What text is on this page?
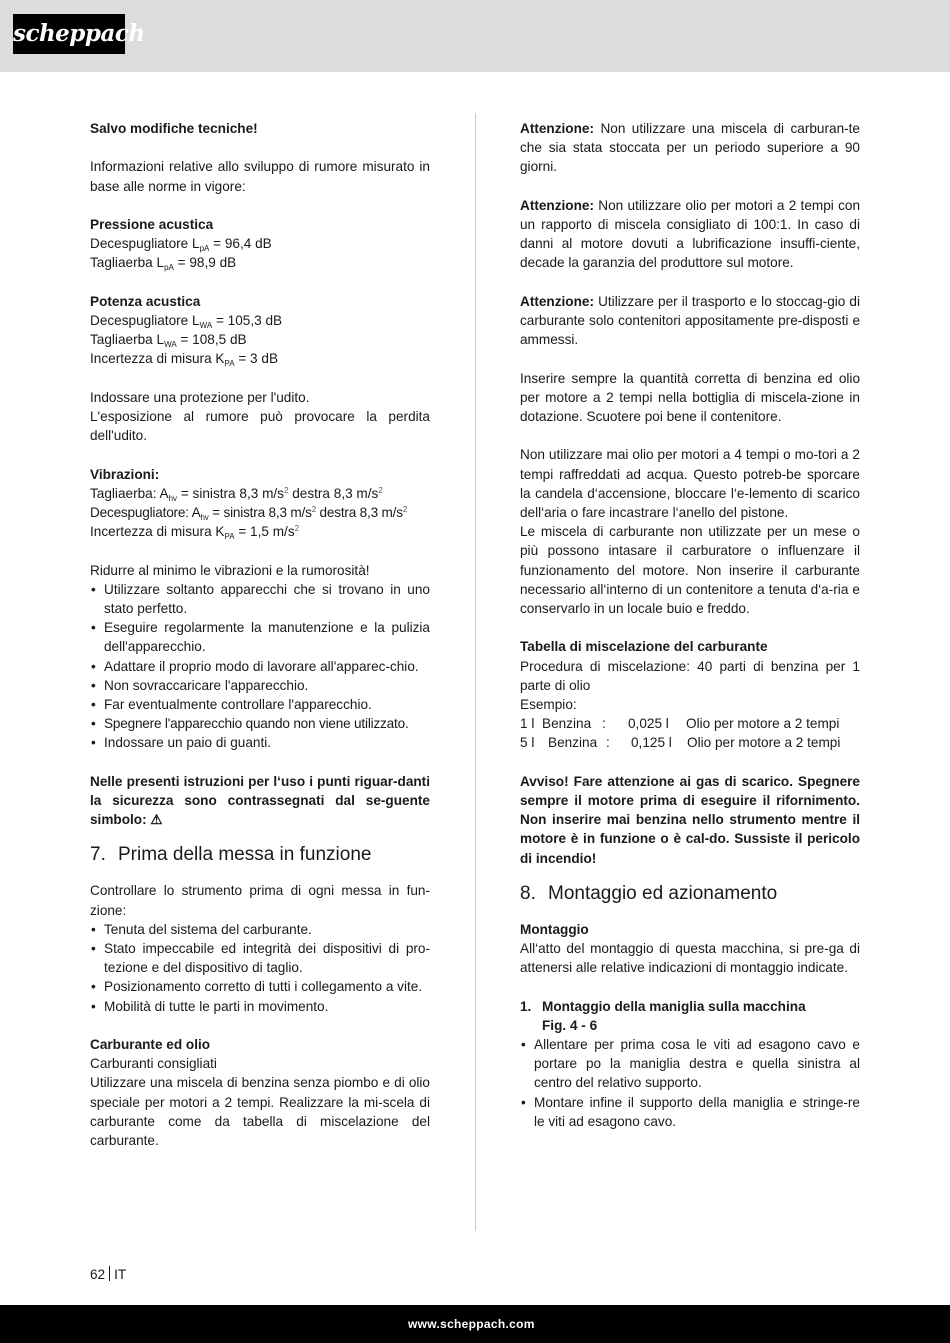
scheppach
Salvo modifiche tecniche!
Informazioni relative allo sviluppo di rumore misurato in base alle norme in vigore:
Pressione acustica
Decespugliatore $L_{pA} = 96,4$ dB
Tagliaerba $L_{pA} = 98,9$ dB
Potenza acustica
Decespugliatore $L_{WA} = 105,3$ dB
Tagliaerba $L_{WA} = 108,5$ dB
Incertezza di misura $K_{PA} = 3$ dB
Indossare una protezione per l'udito.
L'esposizione al rumore può provocare la perdita dell'udito.
Vibrazioni:
Tagliaerba: $A_{hv}$ = sinistra 8,3 $m/s^2$ destra 8,3 $m/s^2$
Decespugliatore: $A_{hv}$ = sinistra 8,3 $m/s^2$ destra 8,3 $m/s^2$
Incertezza di misura $K_{PA} = 1,5$ $m/s^2$
Ridurre al minimo le vibrazioni e la rumorosità!
• Utilizzare soltanto apparecchi che si trovano in uno stato perfetto.
• Eseguire regolarmente la manutenzione e la pulizia dell'apparecchio.
• Adattare il proprio modo di lavorare all'apparec-chio.
• Non sovraccaricare l'apparecchio.
• Far eventualmente controllare l'apparecchio.
• Spegnere l'apparecchio quando non viene utilizzato.
• Indossare un paio di guanti.
Nelle presenti istruzioni per l‘uso i punti riguar-danti la sicurezza sono contrassegnati dal se-guente simbolo: ⚠
7. Prima della messa in funzione
Controllare lo strumento prima di ogni messa in fun-zione:
• Tenuta del sistema del carburante.
• Stato impeccabile ed integrità dei dispositivi di pro-tezione e del dispositivo di taglio.
• Posizionamento corretto di tutti i collegamento a vite.
• Mobilità di tutte le parti in movimento.
Carburante ed olio
Carburanti consigliati
Utilizzare una miscela di benzina senza piombo e di olio speciale per motori a 2 tempi. Realizzare la mi-scela di carburante come da tabella di miscelazione del carburante.
Attenzione: Non utilizzare una miscela di carburan-te che sia stata stoccata per un periodo superiore a 90 giorni.
Attenzione: Non utilizzare olio per motori a 2 tempi con un rapporto di miscela consigliato di 100:1. In caso di danni al motore dovuti a lubrificazione insuffi-ciente, decade la garanzia del produttore sul motore.
Attenzione: Utilizzare per il trasporto e lo stoccag-gio di carburante solo contenitori appositamente pre-disposti e ammessi.
Inserire sempre la quantità corretta di benzina ed olio per motore a 2 tempi nella bottiglia di miscela-zione in dotazione. Scuotere poi bene il contenitore.
Non utilizzare mai olio per motori a 4 tempi o mo-tori a 2 tempi raffreddati ad acqua. Questo potreb-be sporcare la candela d‘accensione, bloccare l‘e-lemento di scarico dell‘aria o fare incastrare l‘anello del pistone.
Le miscela di carburante non utilizzate per un mese o più possono intasare il carburatore o influenzare il funzionamento del motore. Non inserire il carburante necessario all‘interno di un contenitore a tenuta d‘a-ria e conservarlo in un locale buio e freddo.
Tabella di miscelazione del carburante
Procedura di miscelazione: 40 parti di benzina per 1 parte di olio
Esempio:
1 l Benzina :	0,025 l	Olio per motore a 2 tempi
5 l	Benzina :	0,125 l	Olio per motore a 2 tempi
Avviso! Fare attenzione ai gas di scarico. Spegnere sempre il motore prima di eseguire il rifornimento. Non inserire mai benzina nello strumento mentre il motore è in funzione o è cal-do. Sussiste il pericolo di incendio!
8. Montaggio ed azionamento
Montaggio
All‘atto del montaggio di questa macchina, si pre-ga di attenersi alle relative indicazioni di montaggio indicate.
1. Montaggio della maniglia sulla macchina
Fig. 4 - 6
• Allentare per prima cosa le viti ad esagono cavo e portare po la maniglia destra e quella sinistra al centro del relativo supporto.
• Montare infine il supporto della maniglia e stringe-re le viti ad esagono cavo.
62 IT
www.scheppach.com
